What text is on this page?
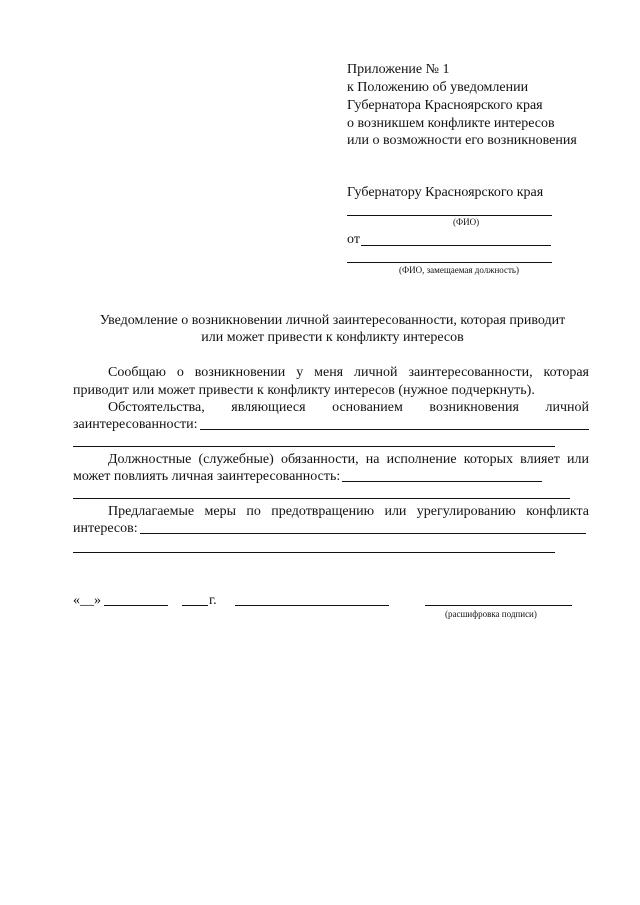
Приложение № 1
к Положению об уведомлении
Губернатора Красноярского края
о возникшем конфликте интересов
или о возможности его возникновения
Губернатору Красноярского края
(ФИО)
от
(ФИО, замещаемая должность)
Уведомление о возникновении личной заинтересованности, которая приводит
или может привести к конфликту интересов
Сообщаю о возникновении у меня личной заинтересованности, которая
приводит или может привести к конфликту интересов (нужное подчеркнуть).
Обстоятельства, являющиеся основанием возникновения личной
заинтересованности:
Должностные (служебные) обязанности, на исполнение которых влияет или
может повлиять личная заинтересованность:
Предлагаемые меры по предотвращению или урегулированию конфликта
интересов:
«__»	г.
(расшифровка подписи)
